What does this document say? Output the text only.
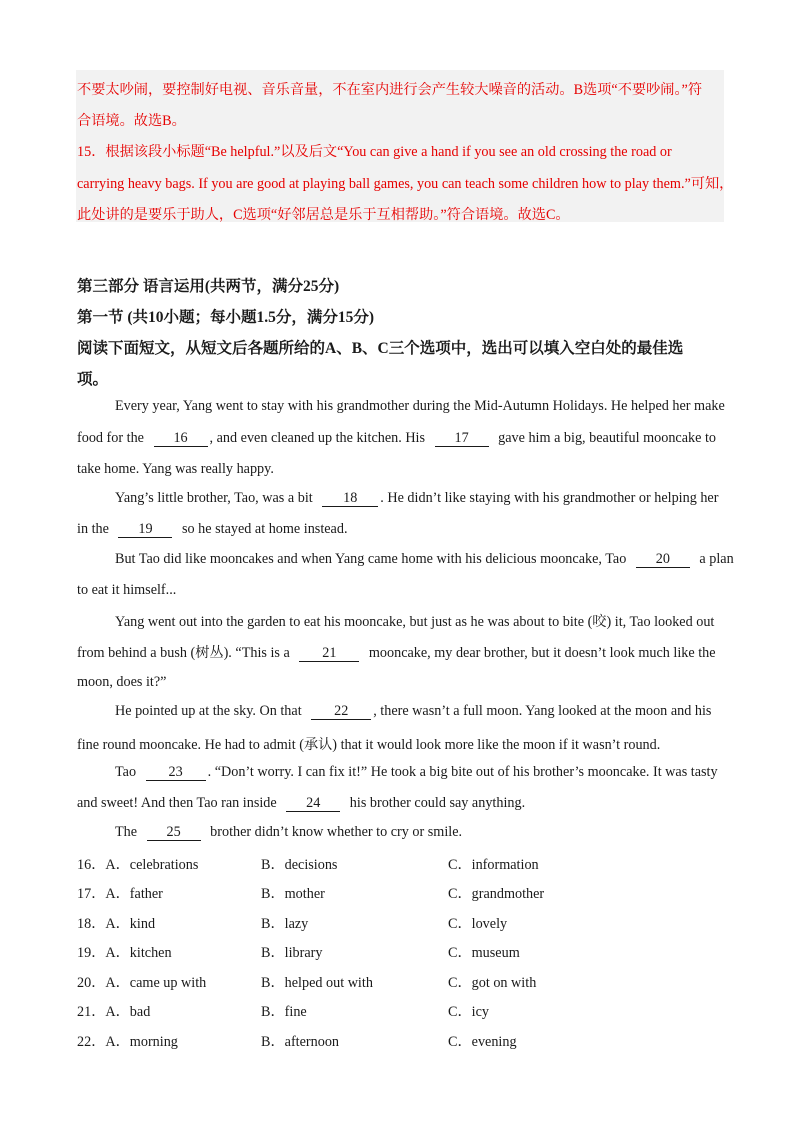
不要太吵闹，要控制好电视、音乐音量，不在室内进行会产生较大噪音的活动。B选项“不要吵闹。”符
合语境。故选B。
15．根据该段小标题“Be helpful.”以及后文“You can give a hand if you see an old crossing the road or
carrying heavy bags. If you are good at playing ball games, you can teach some children how to play them.”可知，
此处讲的是要乐于助人，C选项“好邻居总是乐于互相帮助。”符合语境。故选C。
第三部分 语言运用(共两节，满分25分)
第一节 (共10小题；每小题1.5分，满分15分)
阅读下面短文，从短文后各题所给的A、B、C三个选项中，选出可以填入空白处的最佳选
项。
Every year, Yang went to stay with his grandmother during the Mid-Autumn Holidays. He helped her make
food for the 16 , and even cleaned up the kitchen. His 17 gave him a big, beautiful mooncake to
take home. Yang was really happy.
Yang’s little brother, Tao, was a bit 18 . He didn’t like staying with his grandmother or helping her
in the 19 so he stayed at home instead.
But Tao did like mooncakes and when Yang came home with his delicious mooncake, Tao 20 a plan
to eat it himself...
Yang went out into the garden to eat his mooncake, but just as he was about to bite (咬) it, Tao looked out
from behind a bush (树丛). “This is a 21 mooncake, my dear brother, but it doesn’t look much like the
moon, does it?”
He pointed up at the sky. On that 22 , there wasn’t a full moon. Yang looked at the moon and his
fine round mooncake. He had to admit (承认) that it would look more like the moon if it wasn’t round.
Tao 23 . “Don’t worry. I can fix it!” He took a big bite out of his brother’s mooncake. It was tasty
and sweet! And then Tao ran inside 24 his brother could say anything.
The 25 brother didn’t know whether to cry or smile.
16．A．celebrations	B．decisions	C．information
17．A．father	B．mother	C．grandmother
18．A．kind	B．lazy	C．lovely
19．A．kitchen	B．library	C．museum
20．A．came up with	B．helped out with	C．got on with
21．A．bad	B．fine	C．icy
22．A．morning	B．afternoon	C．evening
